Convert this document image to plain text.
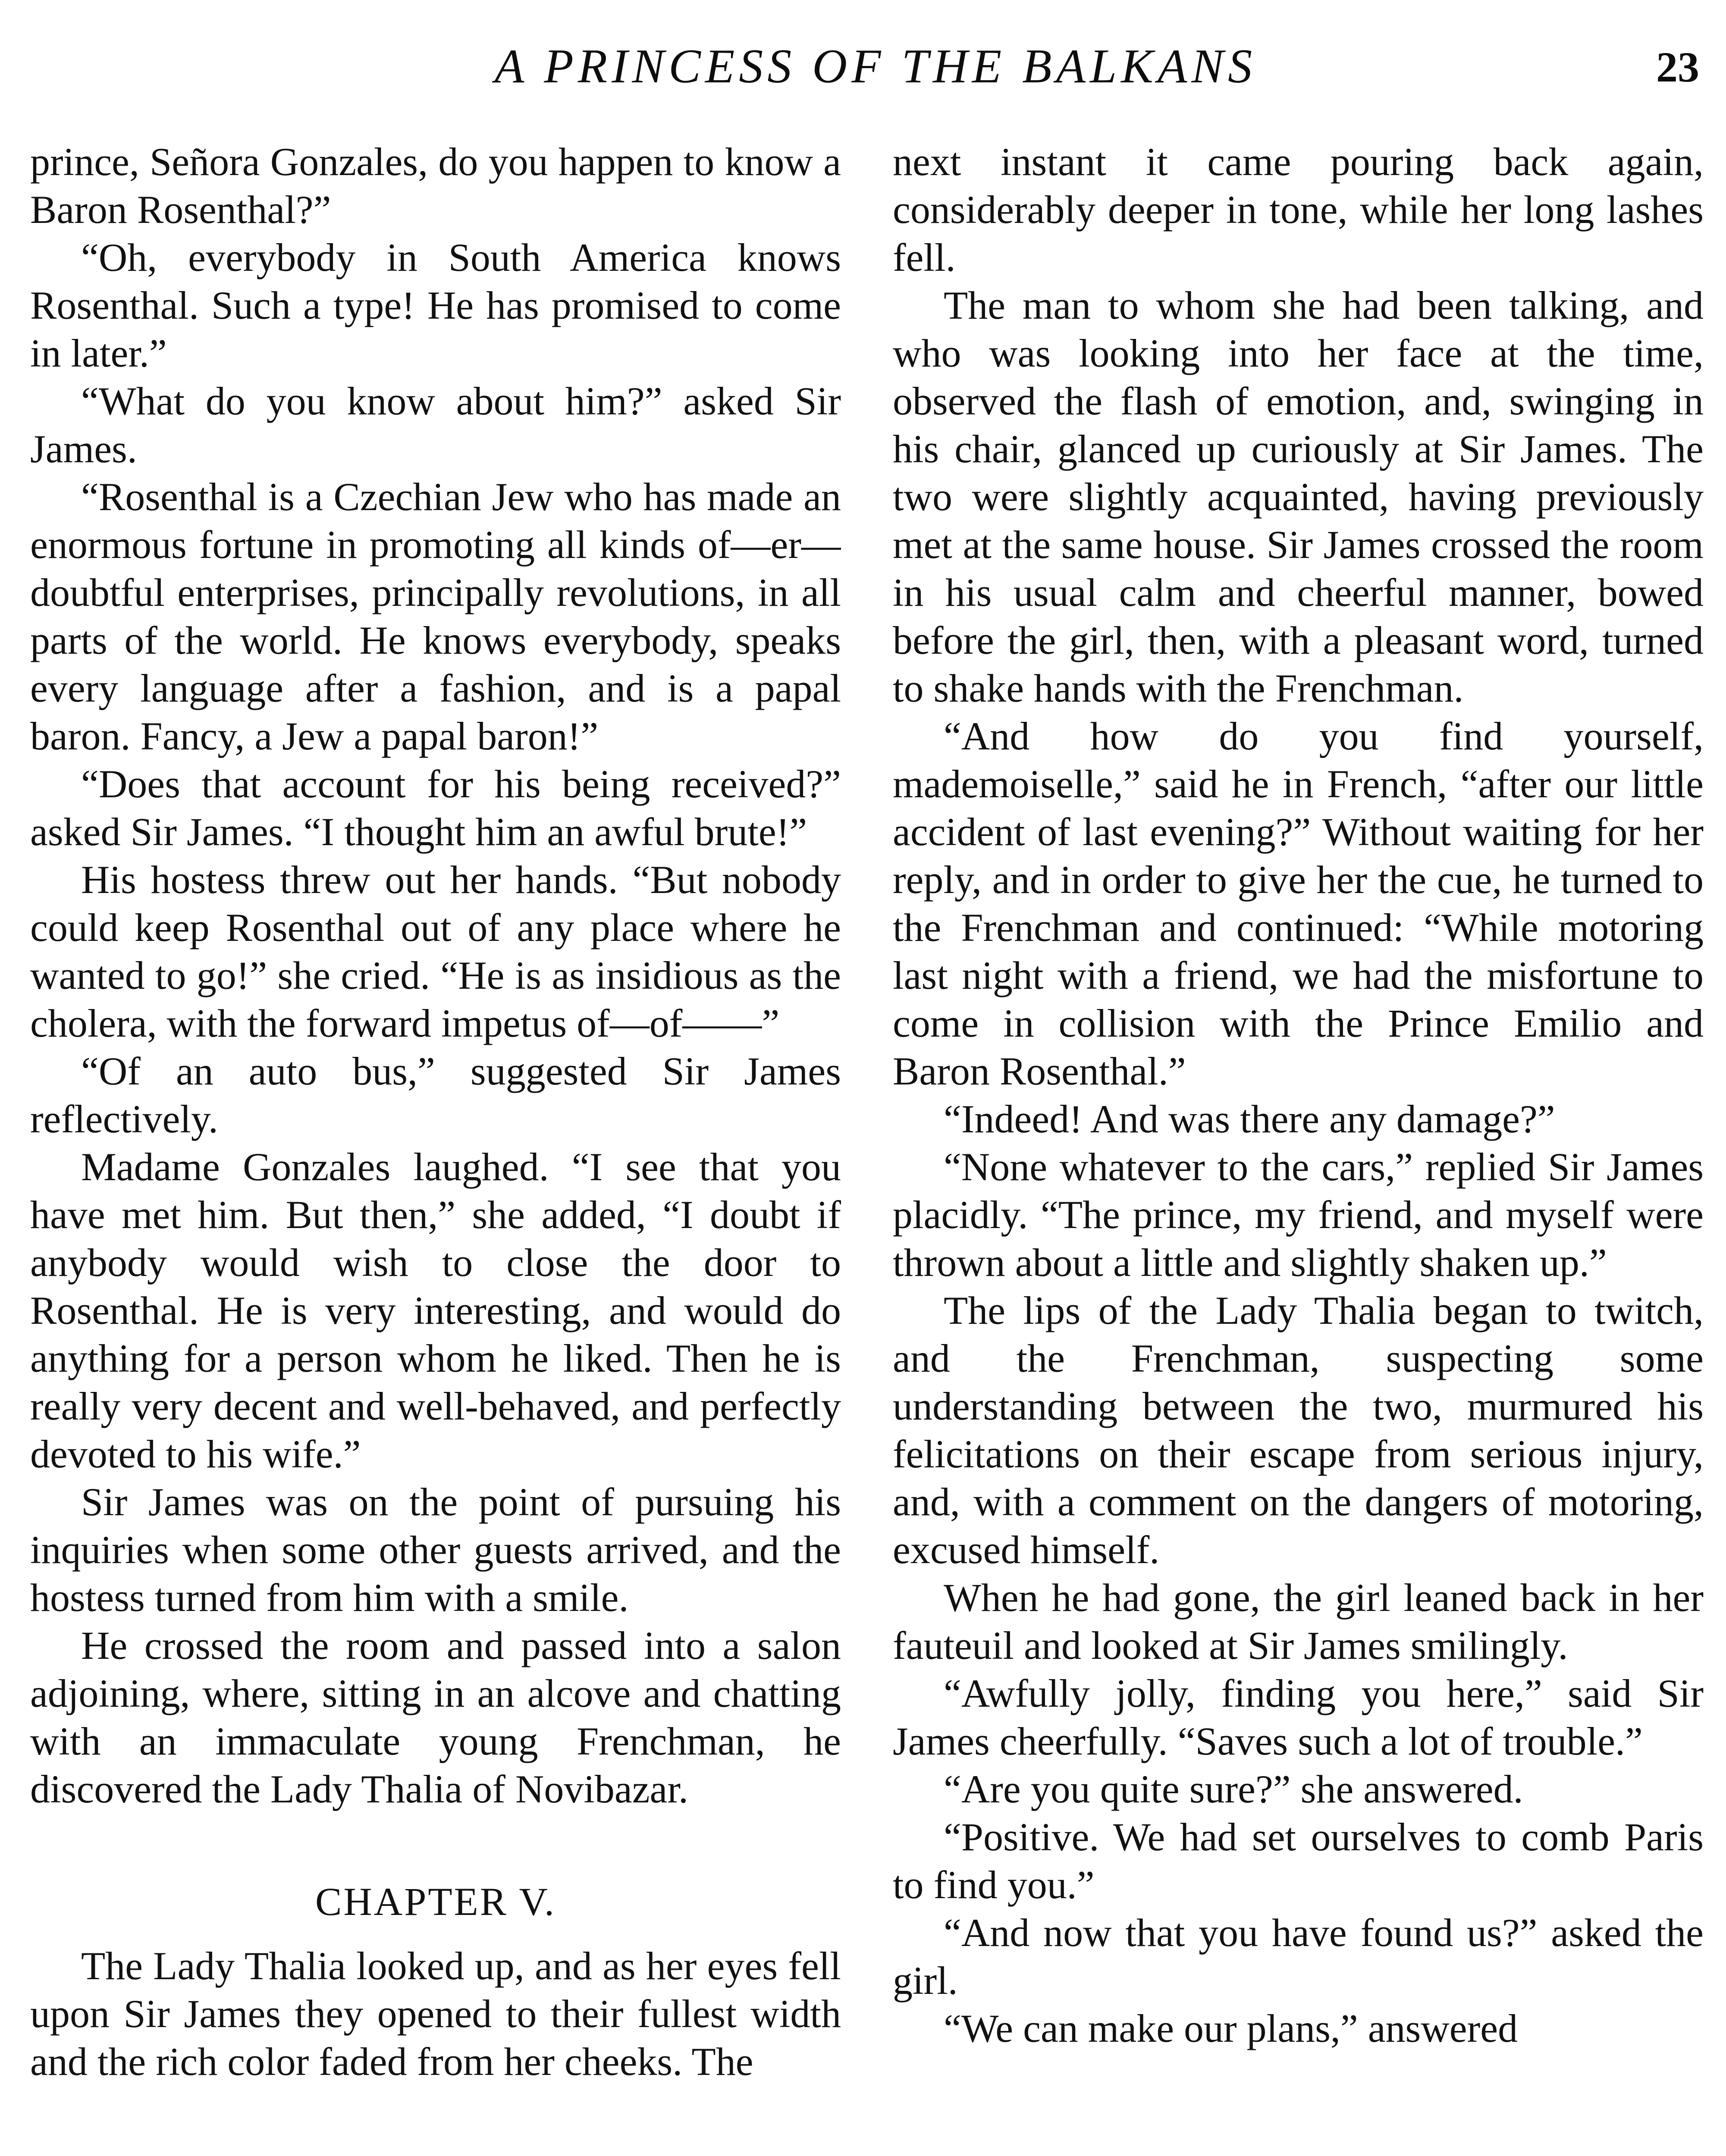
A PRINCESS OF THE BALKANS	23

prince, Señora Gonzales, do you happen to know a Baron Rosenthal?”

“Oh, everybody in South America knows Rosenthal. Such a type! He has promised to come in later.”

“What do you know about him?” asked Sir James.

“Rosenthal is a Czechian Jew who has made an enormous fortune in promoting all kinds of—er—doubtful enterprises, principally revolutions, in all parts of the world. He knows everybody, speaks every language after a fashion, and is a papal baron. Fancy, a Jew a papal baron!”

“Does that account for his being received?” asked Sir James. “I thought him an awful brute!”

His hostess threw out her hands. “But nobody could keep Rosenthal out of any place where he wanted to go!” she cried. “He is as insidious as the cholera, with the forward impetus of—of——”

“Of an auto bus,” suggested Sir James reflectively.

Madame Gonzales laughed. “I see that you have met him. But then,” she added, “I doubt if anybody would wish to close the door to Rosenthal. He is very interesting, and would do anything for a person whom he liked. Then he is really very decent and well-behaved, and perfectly devoted to his wife.”

Sir James was on the point of pursuing his inquiries when some other guests arrived, and the hostess turned from him with a smile.

He crossed the room and passed into a salon adjoining, where, sitting in an alcove and chatting with an immaculate young Frenchman, he discovered the Lady Thalia of Novibazar.

CHAPTER V.

The Lady Thalia looked up, and as her eyes fell upon Sir James they opened to their fullest width and the rich color faded from her cheeks. The

next instant it came pouring back again, considerably deeper in tone, while her long lashes fell.

The man to whom she had been talking, and who was looking into her face at the time, observed the flash of emotion, and, swinging in his chair, glanced up curiously at Sir James. The two were slightly acquainted, having previously met at the same house. Sir James crossed the room in his usual calm and cheerful manner, bowed before the girl, then, with a pleasant word, turned to shake hands with the Frenchman.

“And how do you find yourself, mademoiselle,” said he in French, “after our little accident of last evening?” Without waiting for her reply, and in order to give her the cue, he turned to the Frenchman and continued: “While motoring last night with a friend, we had the misfortune to come in collision with the Prince Emilio and Baron Rosenthal.”

“Indeed! And was there any damage?”

“None whatever to the cars,” replied Sir James placidly. “The prince, my friend, and myself were thrown about a little and slightly shaken up.”

The lips of the Lady Thalia began to twitch, and the Frenchman, suspecting some understanding between the two, murmured his felicitations on their escape from serious injury, and, with a comment on the dangers of motoring, excused himself.

When he had gone, the girl leaned back in her fauteuil and looked at Sir James smilingly.

“Awfully jolly, finding you here,” said Sir James cheerfully. “Saves such a lot of trouble.”

“Are you quite sure?” she answered.

“Positive. We had set ourselves to comb Paris to find you.”

“And now that you have found us?” asked the girl.

“We can make our plans,” answered
